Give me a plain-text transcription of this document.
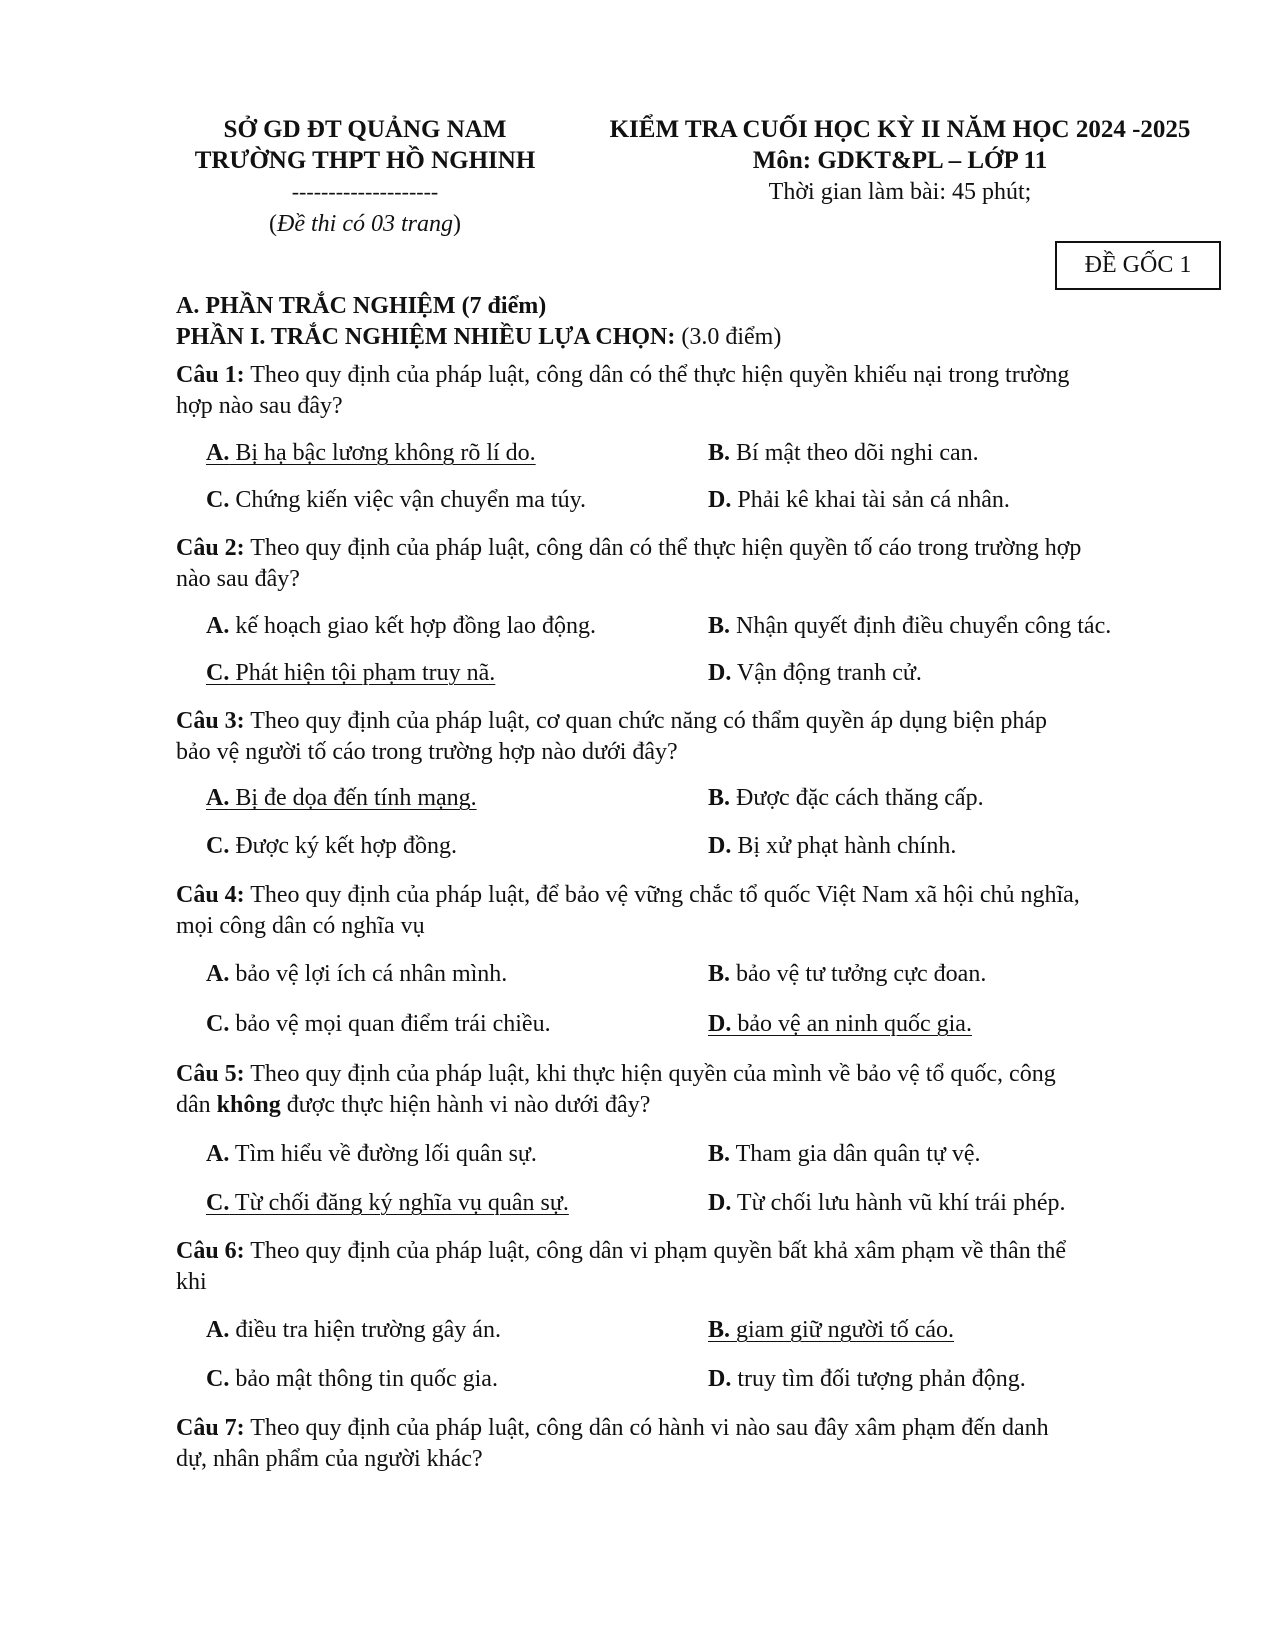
SỞ GD ĐT QUẢNG NAM
TRƯỜNG THPT HỒ NGHINH
--------------------
(Đề thi có 03 trang)
KIỂM TRA CUỐI HỌC KỲ II NĂM HỌC 2024 -2025
Môn: GDKT&PL – LỚP 11
Thời gian làm bài: 45 phút;
ĐỀ GỐC 1
A. PHẦN TRẮC NGHIỆM (7 điểm)
PHẦN I. TRẮC NGHIỆM NHIỀU LỰA CHỌN: (3.0 điểm)
Câu 1: Theo quy định của pháp luật, công dân có thể thực hiện quyền khiếu nại trong trường
hợp nào sau đây?
A. Bị hạ bậc lương không rõ lí do.	B. Bí mật theo dõi nghi can.
C. Chứng kiến việc vận chuyển ma túy.	D. Phải kê khai tài sản cá nhân.
Câu 2: Theo quy định của pháp luật, công dân có thể thực hiện quyền tố cáo trong trường hợp
nào sau đây?
A. kế hoạch giao kết hợp đồng lao động.	B. Nhận quyết định điều chuyển công tác.
C. Phát hiện tội phạm truy nã.	D. Vận động tranh cử.
Câu 3: Theo quy định của pháp luật, cơ quan chức năng có thẩm quyền áp dụng biện pháp
bảo vệ người tố cáo trong trường hợp nào dưới đây?
A. Bị đe dọa đến tính mạng.	B. Được đặc cách thăng cấp.
C. Được ký kết hợp đồng.	D. Bị xử phạt hành chính.
Câu 4: Theo quy định của pháp luật, để bảo vệ vững chắc tổ quốc Việt Nam xã hội chủ nghĩa,
mọi công dân có nghĩa vụ
A. bảo vệ lợi ích cá nhân mình.	B. bảo vệ tư tưởng cực đoan.
C. bảo vệ mọi quan điểm trái chiều.	D. bảo vệ an ninh quốc gia.
Câu 5: Theo quy định của pháp luật, khi thực hiện quyền của mình về bảo vệ tổ quốc, công
dân không được thực hiện hành vi nào dưới đây?
A. Tìm hiểu về đường lối quân sự.	B. Tham gia dân quân tự vệ.
C. Từ chối đăng ký nghĩa vụ quân sự.	D. Từ chối lưu hành vũ khí trái phép.
Câu 6: Theo quy định của pháp luật, công dân vi phạm quyền bất khả xâm phạm về thân thể
khi
A. điều tra hiện trường gây án.	B. giam giữ người tố cáo.
C. bảo mật thông tin quốc gia.	D. truy tìm đối tượng phản động.
Câu 7: Theo quy định của pháp luật, công dân có hành vi nào sau đây xâm phạm đến danh
dự, nhân phẩm của người khác?
